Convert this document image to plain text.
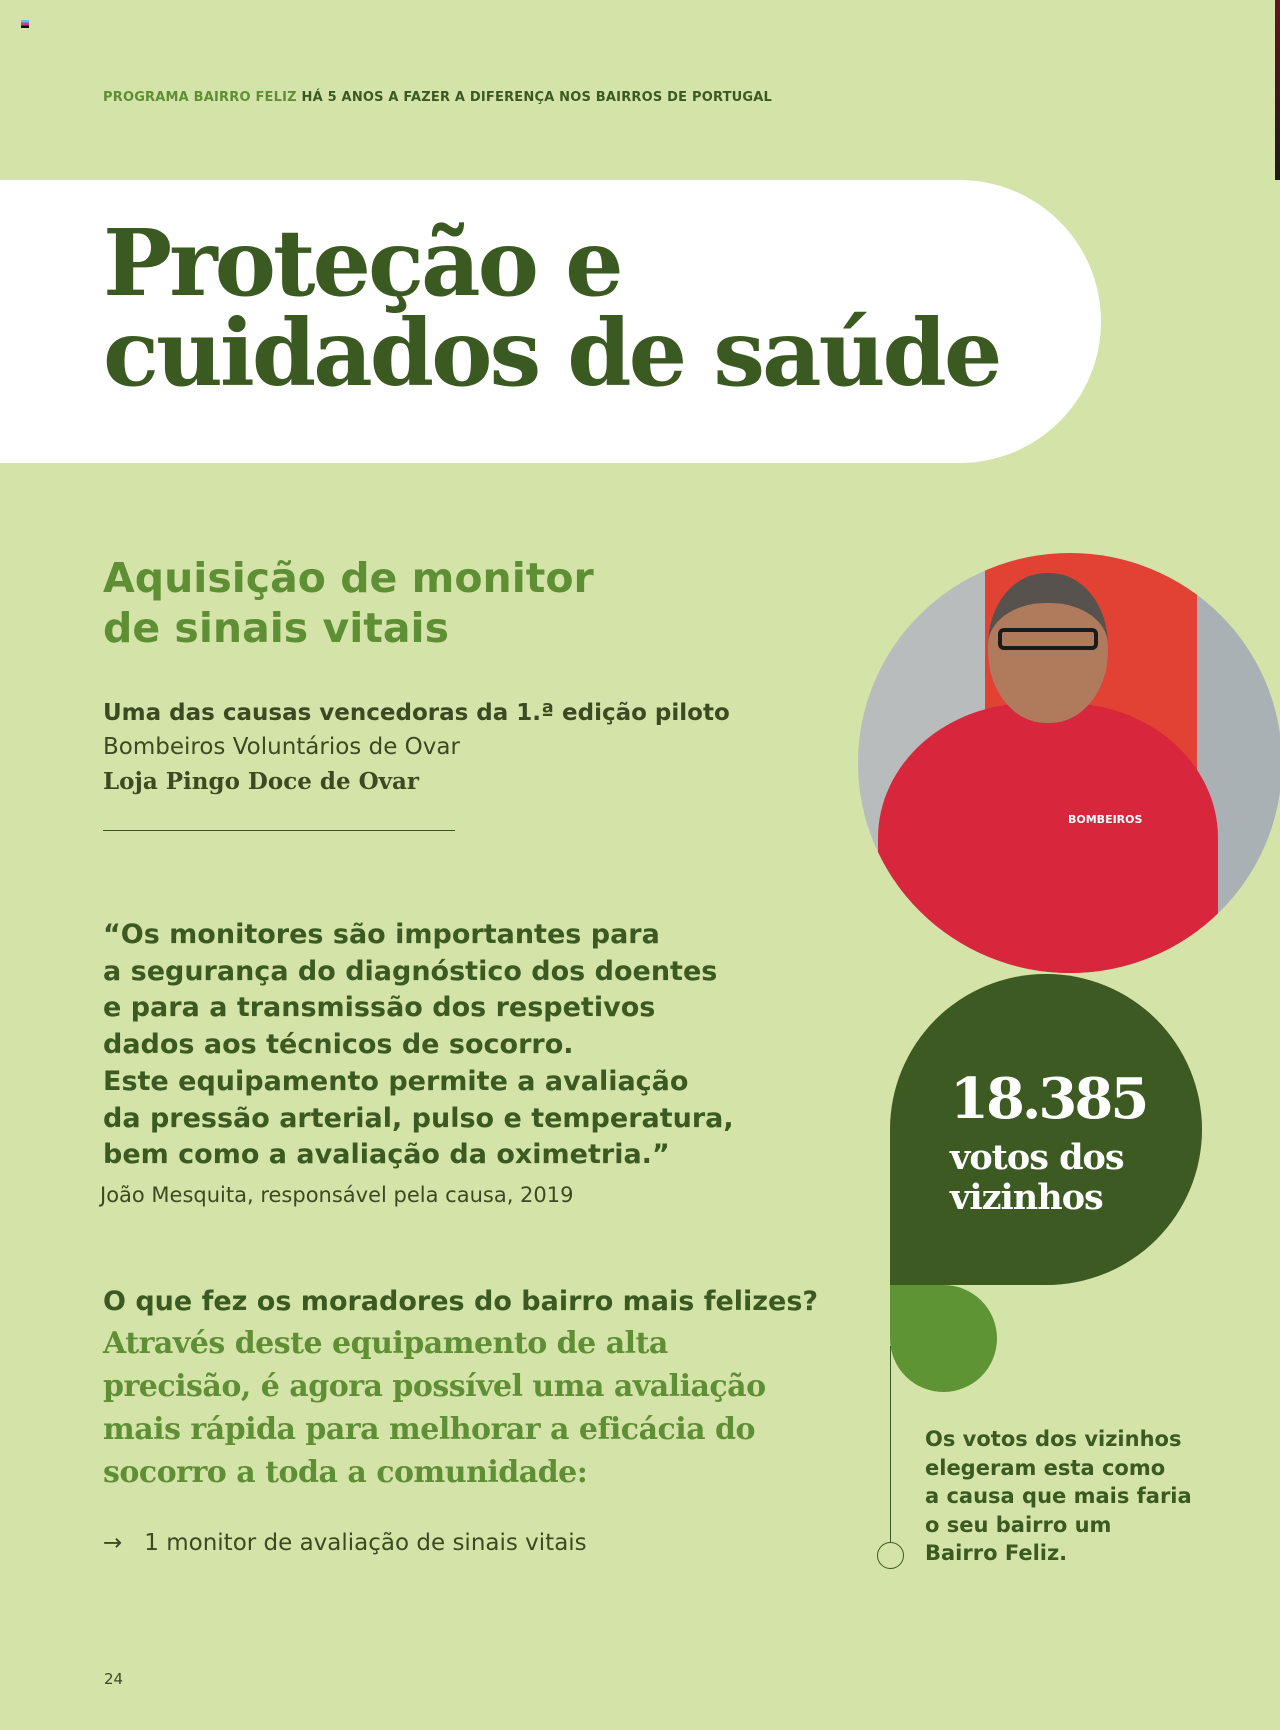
PROGRAMA BAIRRO FELIZ HÁ 5 ANOS A FAZER A DIFERENÇA NOS BAIRROS DE PORTUGAL
Proteção e
cuidados de saúde
Aquisição de monitor
de sinais vitais
Uma das causas vencedoras da 1.ª edição piloto
Bombeiros Voluntários de Ovar
Loja Pingo Doce de Ovar
“Os monitores são importantes para
a segurança do diagnóstico dos doentes
e para a transmissão dos respetivos
dados aos técnicos de socorro.
Este equipamento permite a avaliação
da pressão arterial, pulso e temperatura,
bem como a avaliação da oximetria.”
João Mesquita, responsável pela causa, 2019
O que fez os moradores do bairro mais felizes?
Através deste equipamento de alta
precisão, é agora possível uma avaliação
mais rápida para melhorar a eficácia do
socorro a toda a comunidade:
→ 1 monitor de avaliação de sinais vitais
BOMBEIROS
18.385
votos dos
vizinhos
Os votos dos vizinhos
elegeram esta como
a causa que mais faria
o seu bairro um
Bairro Feliz.
24
